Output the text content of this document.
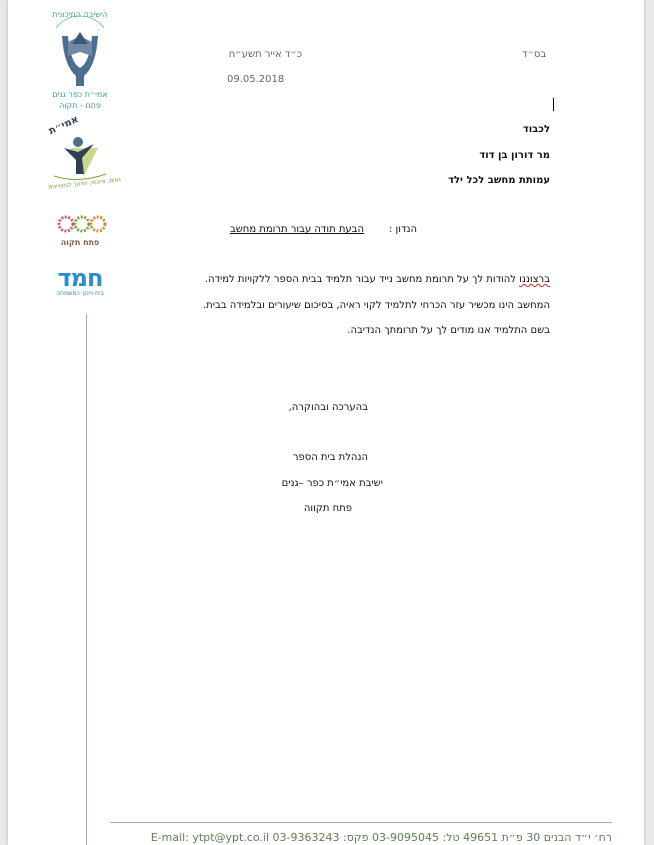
הישיבה התיכונית
אמי״ת כפר גנים
פתח - תקוה
אמי״ת
גוזים, ציונות, וחינוך למצויינות
פתח תקוה
חמד
בית ויינוך כמשמחה
בס״ד
כ״ד אייר תשע״ח
09.05.2018
לכבוד
מר דורון בן דוד
עמותת מחשב לכל ילד
הנדון :
הבעת תודה עבור תרומת מחשב
ברצוננו להודות לך על תרומת מחשב נייד עבור תלמיד בבית הספר ללקויות למידה.
המחשב הינו מכשיר עזר הכרחי לתלמיד לקוי ראיה, בסיכום שיעורים ובלמידה בבית.
בשם התלמיד אנו מודים לך על תרומתך הנדיבה.
בהערכה ובהוקרה,
הנהלת בית הספר
ישיבת אמי״ת כפר –גנים
פתח תקווה
E-mail: ytpt@ypt.co.il רח׳ י״ד הבנים 30 פ״ת 49651 טל: 03-9095045 פקס: 03-9363243
